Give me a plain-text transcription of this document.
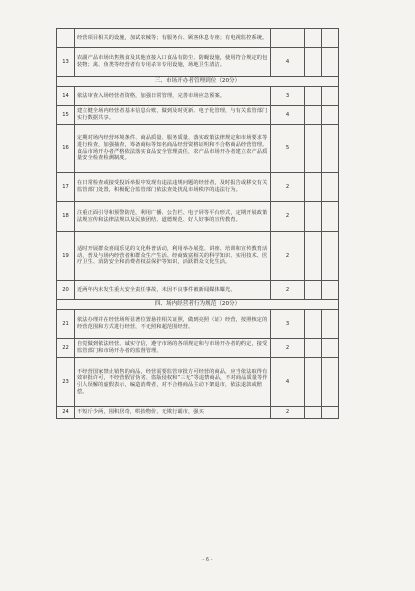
	经营项目相关的设施，加试农械等；有服务台、顾客休息专座；有电视监控系统。			
13	农副产品市场出售熟食及其他直接入口食品有防尘、防蝇设施，使用符合规定的包装物；禽、鱼类等经营者有专用杀宰专用设施，场地卫生清洁。	4		
三、市场开办者管理到位（20分）				
14	依法审查入场经营者资格，加强日常管理，完善市场应急预案。	3		
15	建立健全场内经营者基本信息台账，做到及时更新、电子化管理，与有关监管部门实行数据共享。	4		
16	定期对场内经营环境条件、商品质量、服务质量、落实政策法律规定和市场要求等进行检查，加强抽查，筹备商标等知名商品经营资格证明和不合格商品经营管理。食品市场开办者严格依法落实食品安全管理责任，农产品市场开办者建立农产品质量安全检查检测制度。	5		
17	在日常检查或接受投诉举报中发现有违法违规问题的经营者，及时报告或移交有关监管部门处置，积极配合监管部门依法查处扰乱市场秩序的违法行为。	2		
18	注重正面引导和预警防范，利用广播、公告栏、电子屏等平台形式，定期开展政策法规宣传和法律法规以及民族团结、道德规范、好人好事的宣传教育。	2		
19	适时开展群众喜闻乐见的文化科普活动，利用举办展览、讲座、培训和宣传教育活动，普及与场内经营者和群众生产生活、经商致富相关的科学知识、实用技术、医疗卫生、消防安全和消费者权益保护等知识，活跃群众文化生活。	2		
20	近两年内未发生重大安全责任事故，未因不良事件被新闻媒体曝光。	2		
四、场内经营者行为规范（20分）				
21	依法办理并在经营场所显著位置悬挂相关证照，做到亮照（证）经营，按照核定的经营范围和方式进行经营，不无照和超范围经营。	3		
22	自觉做到依法经营、诚实守信，遵守市场的各项规定和与市场开办者的约定，接受监管部门和市场开办者的监督管理。	2		
23	不经营国家禁止销售的商品，经营需要监管审批方可经营的商品，应当依法取得有效审批许可，不经营假冒伪劣、盗版侵权和“三无”等违禁商品，不对商品质量等作引人误解的虚假表示，编造消费者，对不合格商品主动下架退市，依法退款或赔偿。	4		
24	不短斤少两，囤积居奇，哄抬物价，无欺行霸市，强买	2		
- 6 -
